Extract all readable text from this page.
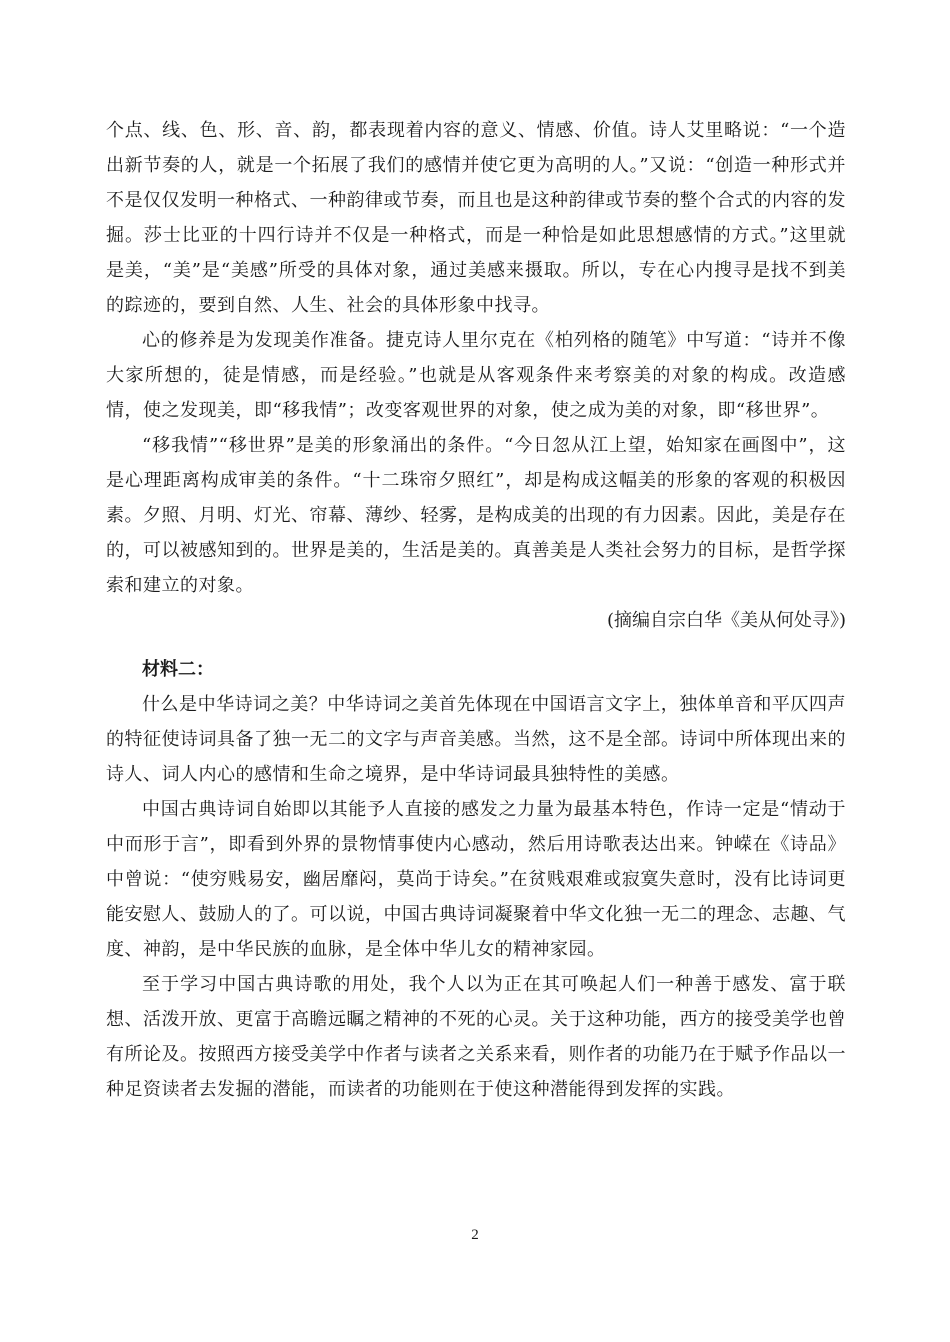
个点、线、色、形、音、韵，都表现着内容的意义、情感、价值。诗人艾里略说：“一个造出新节奏的人，就是一个拓展了我们的感情并使它更为高明的人。”又说：“创造一种形式并不是仅仅发明一种格式、一种韵律或节奏，而且也是这种韵律或节奏的整个合式的内容的发掘。莎士比亚的十四行诗并不仅是一种格式，而是一种恰是如此思想感情的方式。”这里就是美，“美”是“美感”所受的具体对象，通过美感来摄取。所以，专在心内搜寻是找不到美的踪迹的，要到自然、人生、社会的具体形象中找寻。

心的修养是为发现美作准备。捷克诗人里尔克在《柏列格的随笔》中写道：“诗并不像大家所想的，徒是情感，而是经验。”也就是从客观条件来考察美的对象的构成。改造感情，使之发现美，即“移我情”；改变客观世界的对象，使之成为美的对象，即“移世界”。

“移我情”“移世界”是美的形象涌出的条件。“今日忽从江上望，始知家在画图中”，这是心理距离构成审美的条件。“十二珠帘夕照红”，却是构成这幅美的形象的客观的积极因素。夕照、月明、灯光、帘幕、薄纱、轻雾，是构成美的出现的有力因素。因此，美是存在的，可以被感知到的。世界是美的，生活是美的。真善美是人类社会努力的目标，是哲学探索和建立的对象。

(摘编自宗白华《美从何处寻》)

材料二：

什么是中华诗词之美？中华诗词之美首先体现在中国语言文字上，独体单音和平仄四声的特征使诗词具备了独一无二的文字与声音美感。当然，这不是全部。诗词中所体现出来的诗人、词人内心的感情和生命之境界，是中华诗词最具独特性的美感。

中国古典诗词自始即以其能予人直接的感发之力量为最基本特色，作诗一定是“情动于中而形于言”，即看到外界的景物情事使内心感动，然后用诗歌表达出来。钟嵘在《诗品》中曾说：“使穷贱易安，幽居靡闷，莫尚于诗矣。”在贫贱艰难或寂寞失意时，没有比诗词更能安慰人、鼓励人的了。可以说，中国古典诗词凝聚着中华文化独一无二的理念、志趣、气度、神韵，是中华民族的血脉，是全体中华儿女的精神家园。

至于学习中国古典诗歌的用处，我个人以为正在其可唤起人们一种善于感发、富于联想、活泼开放、更富于高瞻远瞩之精神的不死的心灵。关于这种功能，西方的接受美学也曾有所论及。按照西方接受美学中作者与读者之关系来看，则作者的功能乃在于赋予作品以一种足资读者去发掘的潜能，而读者的功能则在于使这种潜能得到发挥的实践。

2
